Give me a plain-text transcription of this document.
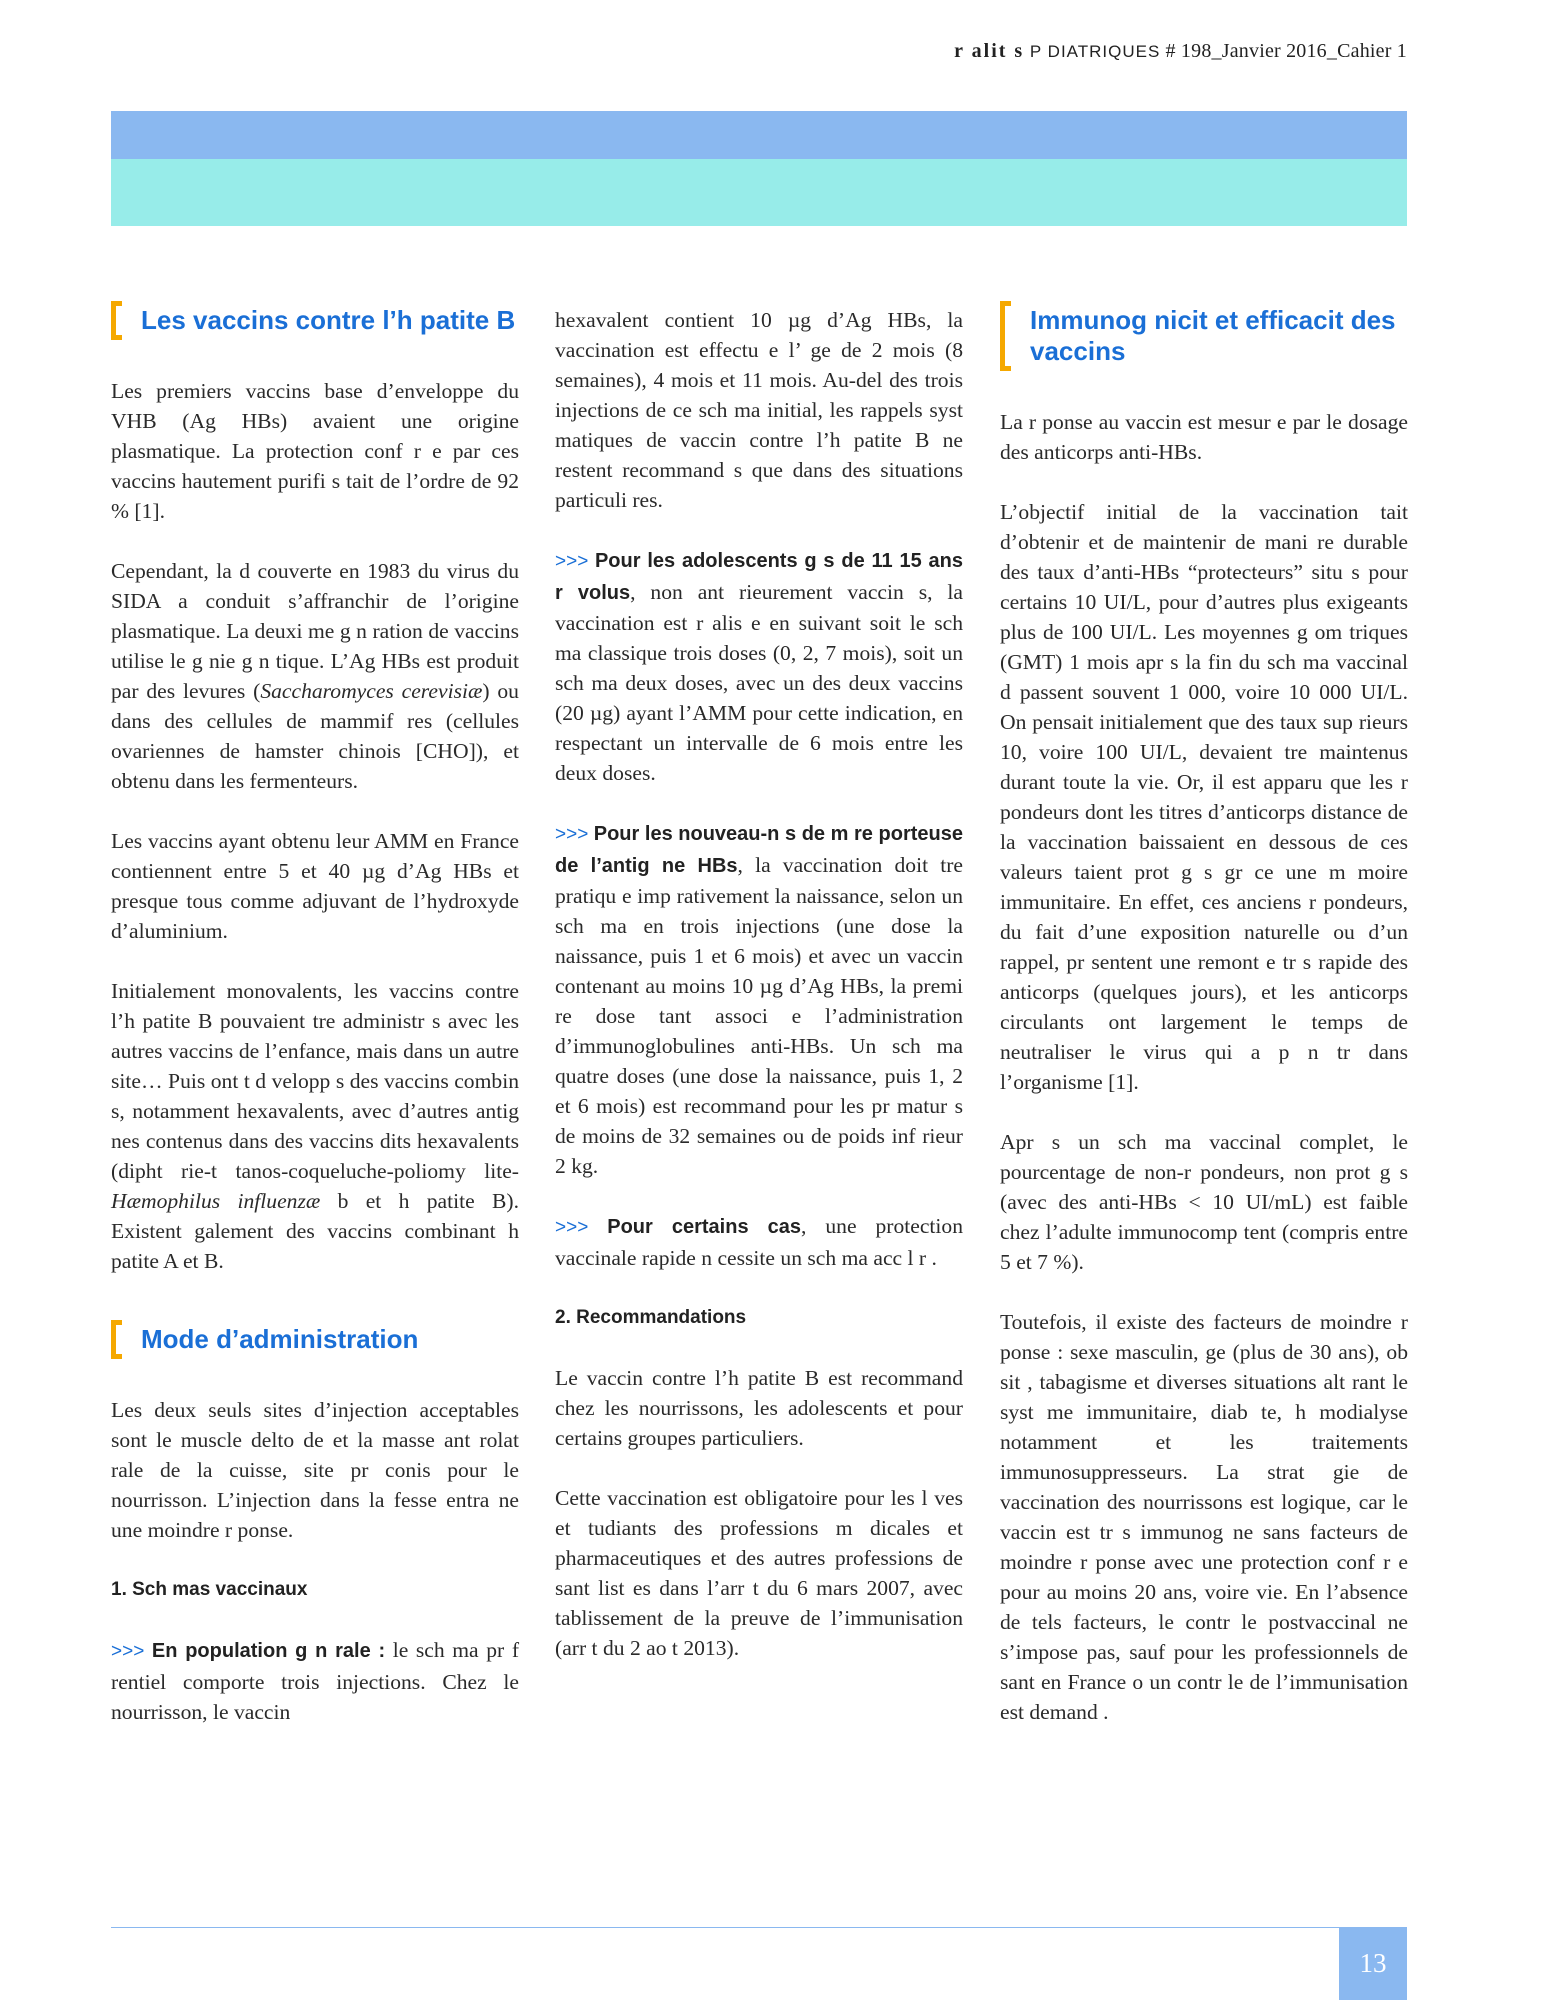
r alit s P DIATRIQUES # 198_Janvier 2016_Cahier 1
Les vaccins contre l’h patite B

Les premiers vaccins base d’enveloppe du VHB (Ag HBs) avaient une origine plasmatique. La protection conf r e par ces vaccins hautement purifi s tait de l’ordre de 92 % [1].

Cependant, la d couverte en 1983 du virus du SIDA a conduit s’affranchir de l’origine plasmatique. La deuxi me g n ration de vaccins utilise le g nie g n tique. L’Ag HBs est produit par des levures (Saccharomyces cerevisiæ) ou dans des cellules de mammif res (cellules ovariennes de hamster chinois [CHO]), et obtenu dans les fermenteurs.

Les vaccins ayant obtenu leur AMM en France contiennent entre 5 et 40 µg d’Ag HBs et presque tous comme adjuvant de l’hydroxyde d’aluminium.

Initialement monovalents, les vaccins contre l’h patite B pouvaient tre administr s avec les autres vaccins de l’enfance, mais dans un autre site… Puis ont t d velopp s des vaccins combin s, notamment hexavalents, avec d’autres antig nes contenus dans des vaccins dits hexavalents (dipht rie-t tanos-coqueluche-poliomy lite-Hæmophilus influenzæ b et h patite B). Existent galement des vaccins combinant h patite A et B.

Mode d’administration

Les deux seuls sites d’injection acceptables sont le muscle delto de et la masse ant rolat rale de la cuisse, site pr conis pour le nourrisson. L’injection dans la fesse entra ne une moindre r ponse.

1. Sch mas vaccinaux

>>> En population g n rale : le sch ma pr f rentiel comporte trois injections. Chez le nourrisson, le vaccin

hexavalent contient 10 µg d’Ag HBs, la vaccination est effectu e l’ ge de 2 mois (8 semaines), 4 mois et 11 mois. Au-del des trois injections de ce sch ma initial, les rappels syst matiques de vaccin contre l’h patite B ne restent recommand s que dans des situations particuli res.

>>> Pour les adolescents g s de 11 15 ans r volus, non ant rieurement vaccin s, la vaccination est r alis e en suivant soit le sch ma classique trois doses (0, 2, 7 mois), soit un sch ma deux doses, avec un des deux vaccins (20 µg) ayant l’AMM pour cette indication, en respectant un intervalle de 6 mois entre les deux doses.

>>> Pour les nouveau-n s de m re porteuse de l’antig ne HBs, la vaccination doit tre pratiqu e imp rativement la naissance, selon un sch ma en trois injections (une dose la naissance, puis 1 et 6 mois) et avec un vaccin contenant au moins 10 µg d’Ag HBs, la premi re dose tant associ e l’administration d’immunoglobulines anti-HBs. Un sch ma quatre doses (une dose la naissance, puis 1, 2 et 6 mois) est recommand pour les pr matur s de moins de 32 semaines ou de poids inf rieur 2 kg.

>>> Pour certains cas, une protection vaccinale rapide n cessite un sch ma acc l r .

2. Recommandations

Le vaccin contre l’h patite B est recommand chez les nourrissons, les adolescents et pour certains groupes particuliers.

Cette vaccination est obligatoire pour les l ves et tudiants des professions m dicales et pharmaceutiques et des autres professions de sant list es dans l’arr t du 6 mars 2007, avec tablissement de la preuve de l’immunisation (arr t du 2 ao t 2013).

Immunog nicit et efficacit des vaccins

La r ponse au vaccin est mesur e par le dosage des anticorps anti-HBs.

L’objectif initial de la vaccination tait d’obtenir et de maintenir de mani re durable des taux d’anti-HBs “protecteurs” situ s pour certains 10 UI/L, pour d’autres plus exigeants plus de 100 UI/L. Les moyennes g om triques (GMT) 1 mois apr s la fin du sch ma vaccinal d passent souvent 1 000, voire 10 000 UI/L. On pensait initialement que des taux sup rieurs 10, voire 100 UI/L, devaient tre maintenus durant toute la vie. Or, il est apparu que les r pondeurs dont les titres d’anticorps distance de la vaccination baissaient en dessous de ces valeurs taient prot g s gr ce une m moire immunitaire. En effet, ces anciens r pondeurs, du fait d’une exposition naturelle ou d’un rappel, pr sentent une remont e tr s rapide des anticorps (quelques jours), et les anticorps circulants ont largement le temps de neutraliser le virus qui a p n tr dans l’organisme [1].

Apr s un sch ma vaccinal complet, le pourcentage de non-r pondeurs, non prot g s (avec des anti-HBs < 10 UI/mL) est faible chez l’adulte immunocomp tent (compris entre 5 et 7 %).

Toutefois, il existe des facteurs de moindre r ponse : sexe masculin, ge (plus de 30 ans), ob sit , tabagisme et diverses situations alt rant le syst me immunitaire, diab te, h modialyse notamment et les traitements immunosuppresseurs. La strat gie de vaccination des nourrissons est logique, car le vaccin est tr s immunog ne sans facteurs de moindre r ponse avec une protection conf r e pour au moins 20 ans, voire vie. En l’absence de tels facteurs, le contr le postvaccinal ne s’impose pas, sauf pour les professionnels de sant en France o un contr le de l’immunisation est demand .

13
